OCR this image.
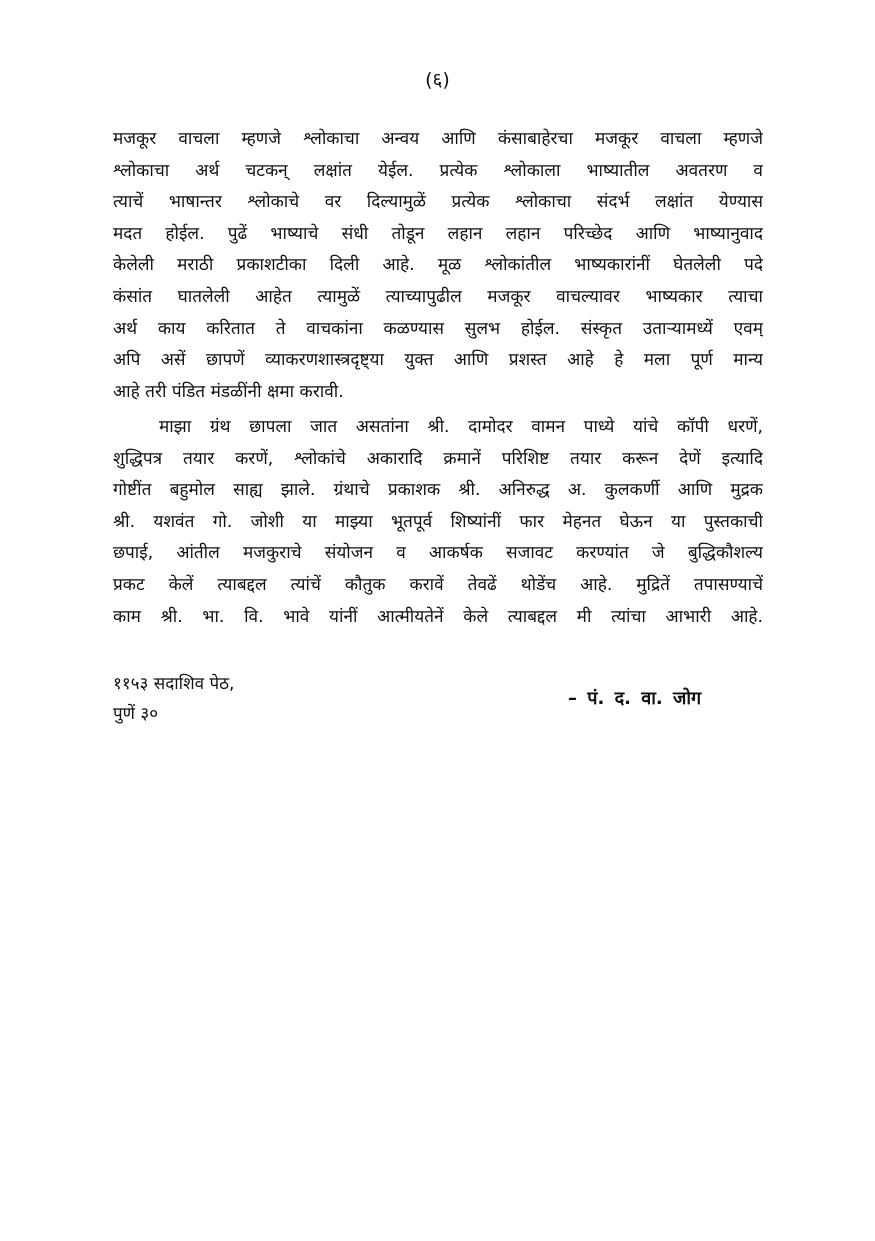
(६)
मजकूर वाचला म्हणजे श्लोकाचा अन्वय आणि कंसाबाहेरचा मजकूर वाचला म्हणजे
श्लोकाचा अर्थ चटकन् लक्षांत येईल. प्रत्येक श्लोकाला भाष्यातील अवतरण व
त्याचें भाषान्तर श्लोकाचे वर दिल्यामुळें प्रत्येक श्लोकाचा संदर्भ लक्षांत येण्यास
मदत होईल. पुढें भाष्याचे संधी तोडून लहान लहान परिच्छेद आणि भाष्यानुवाद
केलेली मराठी प्रकाशटीका दिली आहे. मूळ श्लोकांतील भाष्यकारांनीं घेतलेली पदे
कंसांत घातलेली आहेत त्यामुळें त्याच्यापुढील मजकूर वाचल्यावर भाष्यकार त्याचा
अर्थ काय करितात ते वाचकांना कळण्यास सुलभ होईल. संस्कृत उतार्‍यामध्यें एवम्
अपि असें छापणें व्याकरणशास्त्रदृष्ट्या युक्त आणि प्रशस्त आहे हे मला पूर्ण मान्य
आहे तरी पंडित मंडळींनी क्षमा करावी.
माझा ग्रंथ छापला जात असतांना श्री. दामोदर वामन पाध्ये यांचे कॉपी धरणें,
शुद्धिपत्र तयार करणें, श्लोकांचे अकारादि क्रमानें परिशिष्ट तयार करून देणें इत्यादि
गोष्टींत बहुमोल साह्य झाले. ग्रंथाचे प्रकाशक श्री. अनिरुद्ध अ. कुलकर्णी आणि मुद्रक
श्री. यशवंत गो. जोशी या माझ्या भूतपूर्व शिष्यांनीं फार मेहनत घेऊन या पुस्तकाची
छपाई, आंतील मजकुराचे संयोजन व आकर्षक सजावट करण्यांत जे बुद्धिकौशल्य
प्रकट केलें त्याबद्दल त्यांचें कौतुक करावें तेवढें थोडेंच आहे. मुद्रितें तपासण्याचें
काम श्री. भा. वि. भावे यांनीं आत्मीयतेनें केले त्याबद्दल मी त्यांचा आभारी आहे.
११५३ सदाशिव पेठ,
पुणें ३०
– पं. द. वा. जोग
